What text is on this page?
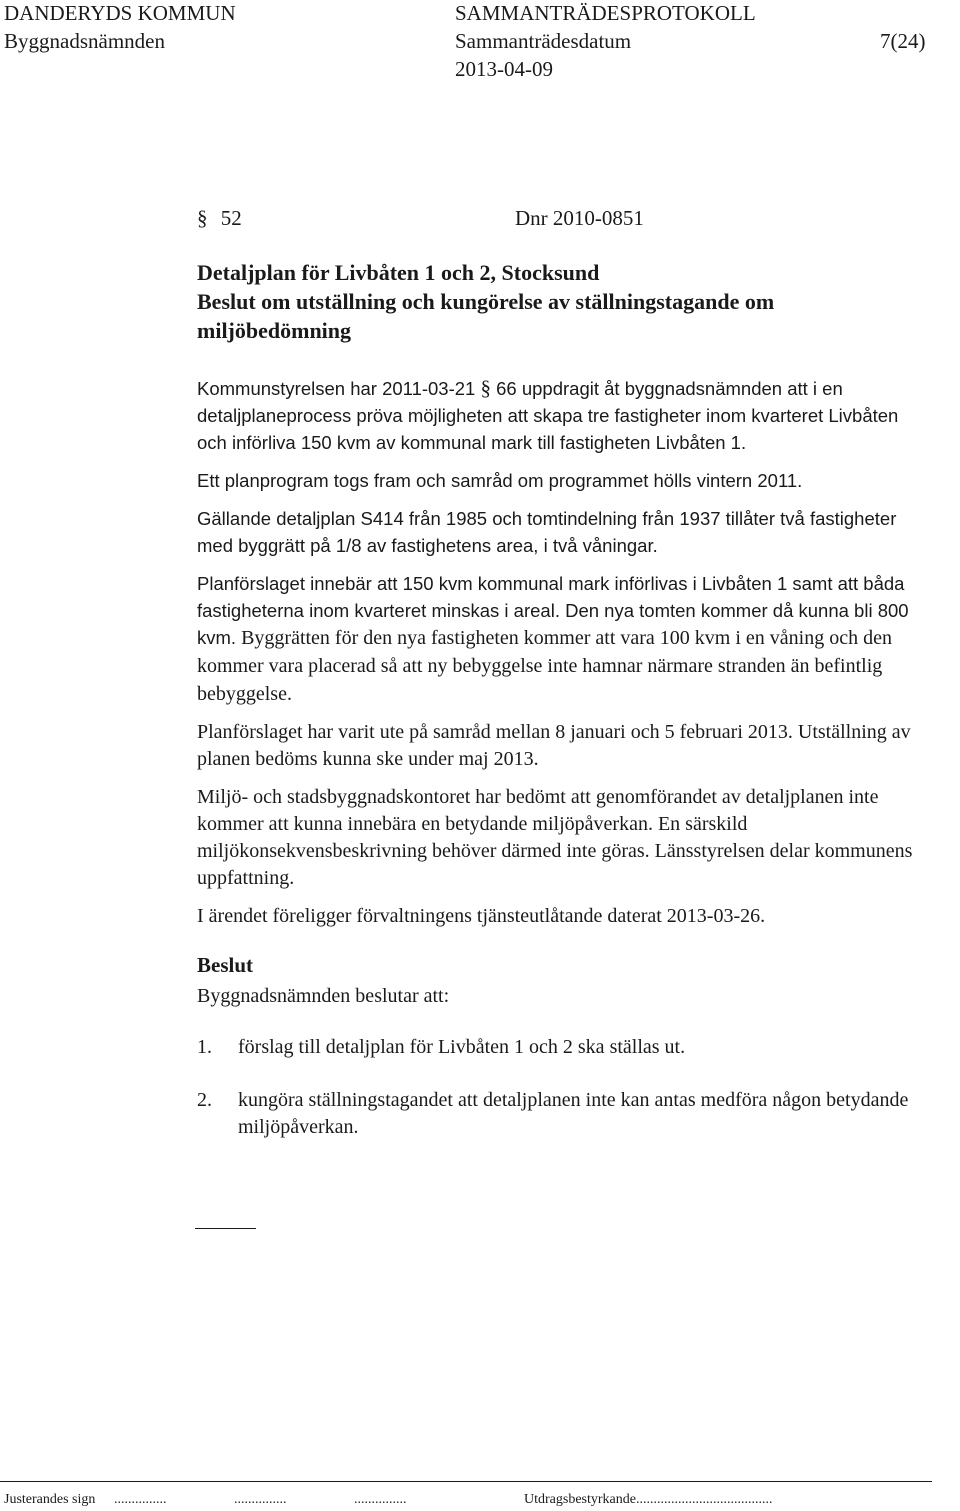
DANDERYDS KOMMUN	SAMMANTRÄDESPROTOKOLL
Byggnadsnämnden	Sammanträdesdatum	7(24)
2013-04-09
§ 52	Dnr 2010-0851
Detaljplan för Livbåten 1 och 2, Stocksund
Beslut om utställning och kungörelse av ställningstagande om miljöbedömning

Kommunstyrelsen har 2011-03-21 § 66 uppdragit åt byggnadsnämnden att i en detaljplaneprocess pröva möjligheten att skapa tre fastigheter inom kvarteret Livbåten och införliva 150 kvm av kommunal mark till fastigheten Livbåten 1.

Ett planprogram togs fram och samråd om programmet hölls vintern 2011.

Gällande detaljplan S414 från 1985 och tomtindelning från 1937 tillåter två fastigheter med byggrätt på 1/8 av fastighetens area, i två våningar.

Planförslaget innebär att 150 kvm kommunal mark införlivas i Livbåten 1 samt att båda fastigheterna inom kvarteret minskas i areal. Den nya tomten kommer då kunna bli 800 kvm. Byggrätten för den nya fastigheten kommer att vara 100 kvm i en våning och den kommer vara placerad så att ny bebyggelse inte hamnar närmare stranden än befintlig bebyggelse.

Planförslaget har varit ute på samråd mellan 8 januari och 5 februari 2013. Utställning av planen bedöms kunna ske under maj 2013.

Miljö- och stadsbyggnadskontoret har bedömt att genomförandet av detaljplanen inte kommer att kunna innebära en betydande miljöpåverkan. En särskild miljökonsekvensbeskrivning behöver därmed inte göras. Länsstyrelsen delar kommunens uppfattning.

I ärendet föreligger förvaltningens tjänsteutlåtande daterat 2013-03-26.

Beslut
Byggnadsnämnden beslutar att:
1. förslag till detaljplan för Livbåten 1 och 2 ska ställas ut.
2. kungöra ställningstagandet att detaljplanen inte kan antas medföra någon betydande miljöpåverkan.
Justerandes sign ...............	...............	...............	Utdragsbestyrkande.......................................
